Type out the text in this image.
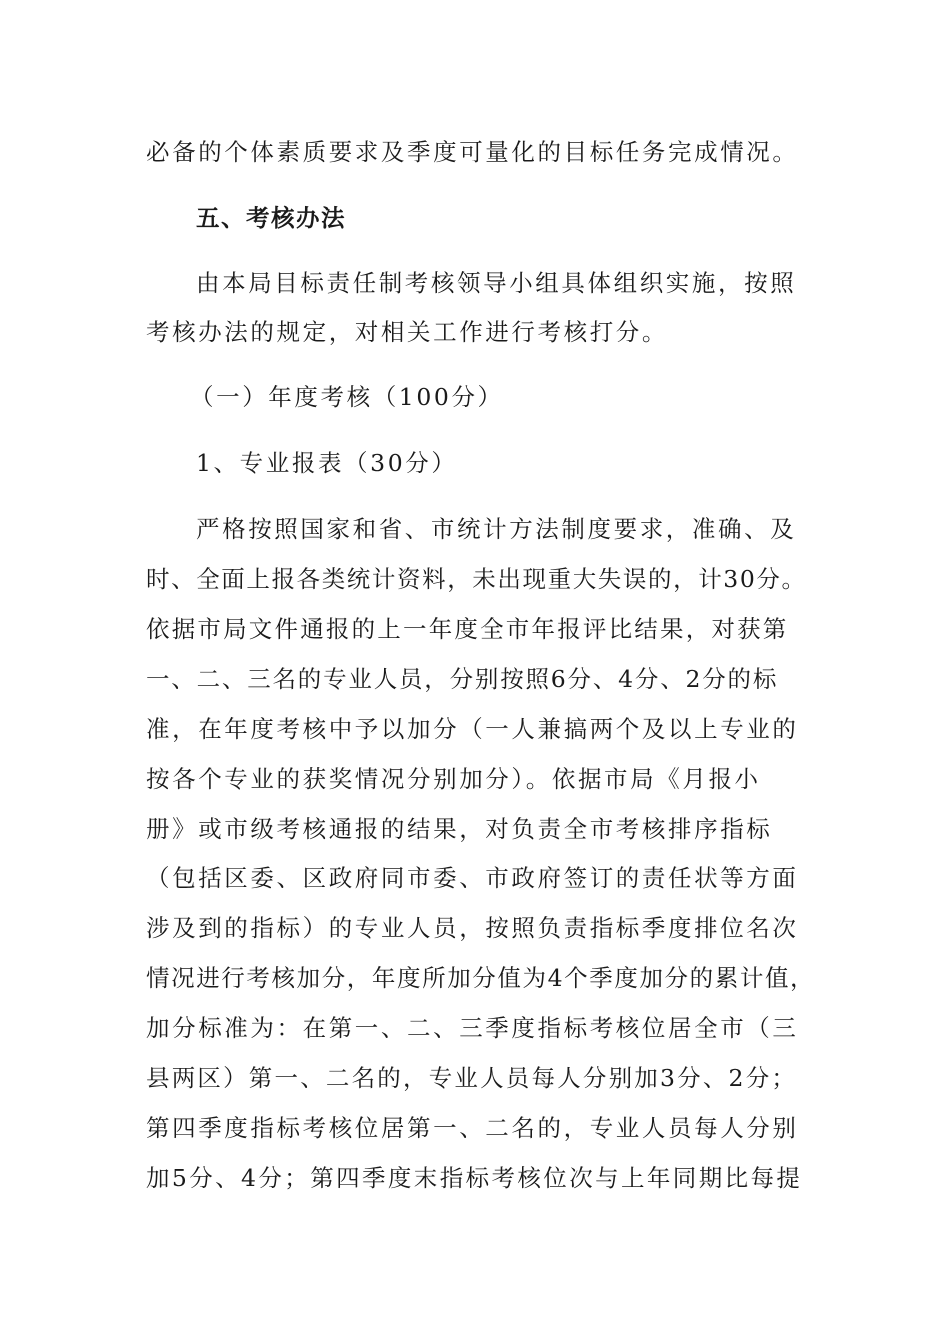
必备的个体素质要求及季度可量化的目标任务完成情况。
五、考核办法
由本局目标责任制考核领导小组具体组织实施，按照
考核办法的规定，对相关工作进行考核打分。
（一）年度考核（100分）
1、专业报表（30分）
严格按照国家和省、市统计方法制度要求，准确、及
时、全面上报各类统计资料，未出现重大失误的，计30分。
依据市局文件通报的上一年度全市年报评比结果，对获第
一、二、三名的专业人员，分别按照6分、4分、2分的标
准，在年度考核中予以加分（一人兼搞两个及以上专业的
按各个专业的获奖情况分别加分）。依据市局《月报小
册》或市级考核通报的结果，对负责全市考核排序指标
（包括区委、区政府同市委、市政府签订的责任状等方面
涉及到的指标）的专业人员，按照负责指标季度排位名次
情况进行考核加分，年度所加分值为4个季度加分的累计值，
加分标准为：在第一、二、三季度指标考核位居全市（三
县两区）第一、二名的，专业人员每人分别加3分、2分；
第四季度指标考核位居第一、二名的，专业人员每人分别
加5分、4分；第四季度末指标考核位次与上年同期比每提
